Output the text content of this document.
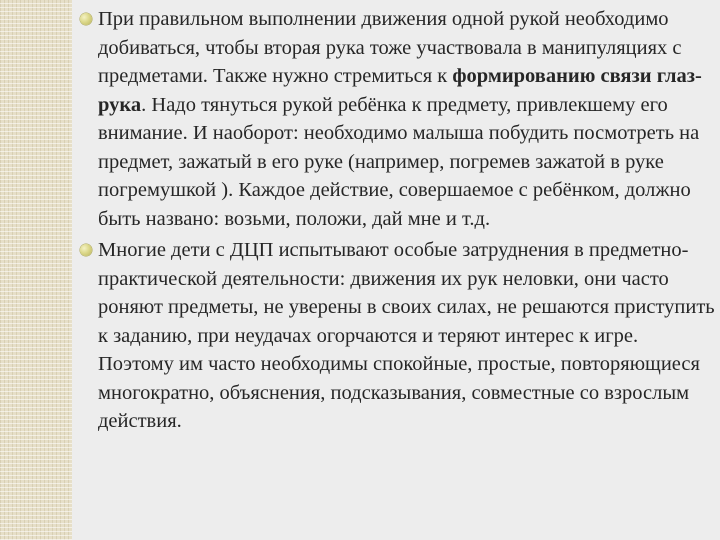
При правильном выполнении движения одной рукой необходимо добиваться, чтобы вторая рука тоже участвовала в манипуляциях с предметами. Также нужно стремиться к формированию связи глаз-рука. Надо тянуться рукой ребёнка к предмету, привлекшему его внимание. И наоборот: необходимо малыша побудить посмотреть на предмет, зажатый в его руке (например, погремев зажатой в руке погремушкой ). Каждое действие, совершаемое с ребёнком, должно быть названо: возьми, положи, дай мне и т.д.
Многие дети с ДЦП испытывают особые затруднения в предметно-практической деятельности: движения их рук неловки, они часто роняют предметы, не уверены в своих силах, не решаются приступить к заданию, при неудачах огорчаются и теряют интерес к игре. Поэтому им часто необходимы спокойные, простые, повторяющиеся многократно, объяснения, подсказывания, совместные со взрослым действия.
